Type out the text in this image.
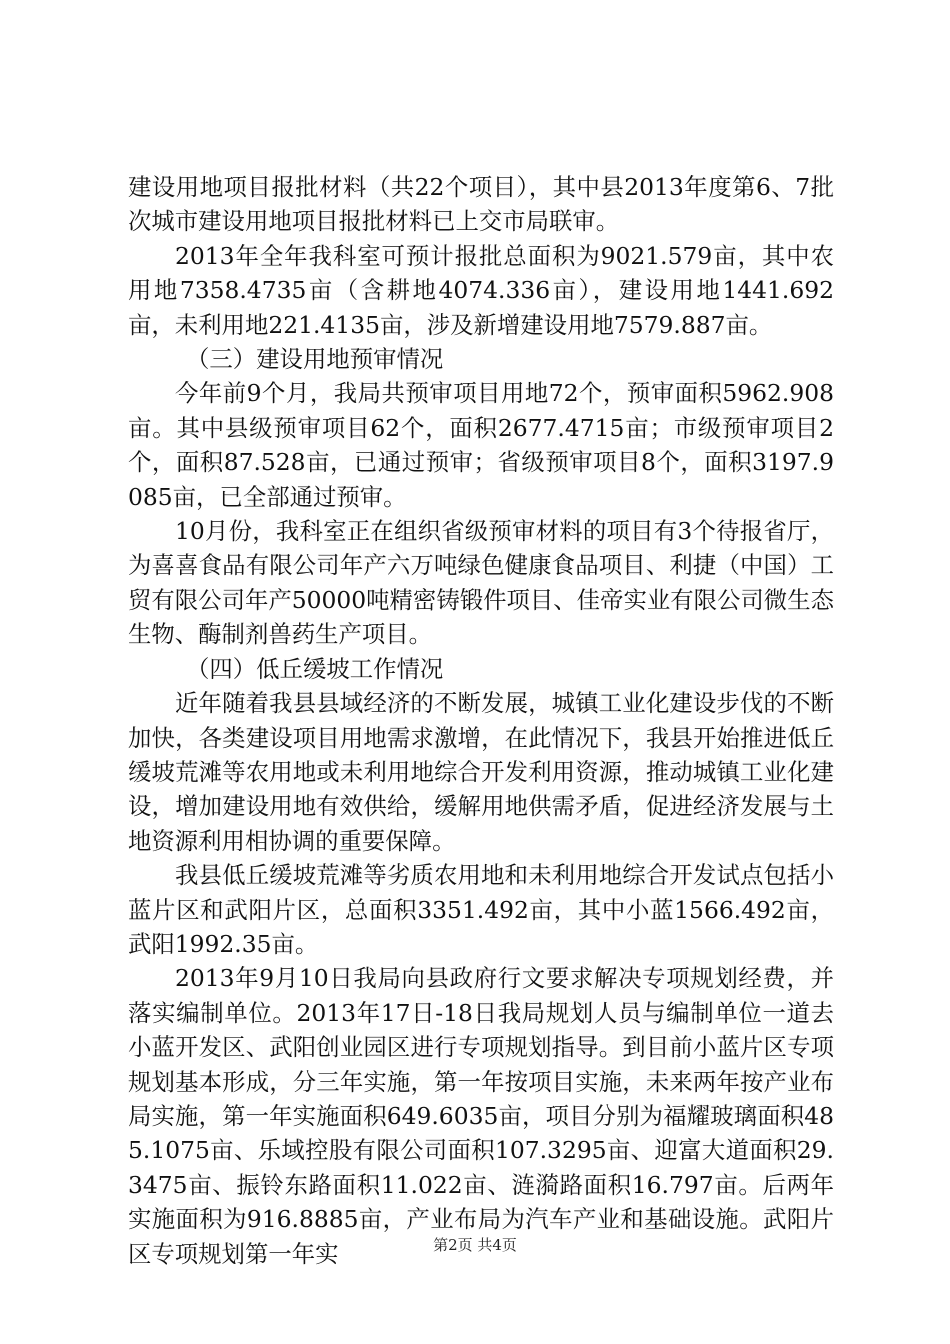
建设用地项目报批材料（共22个项目），其中县2013年度第6、7批次城市建设用地项目报批材料已上交市局联审。

2013年全年我科室可预计报批总面积为9021.579亩，其中农用地7358.4735亩（含耕地4074.336亩），建设用地1441.692亩，未利用地221.4135亩，涉及新增建设用地7579.887亩。

（三）建设用地预审情况

今年前9个月，我局共预审项目用地72个，预审面积5962.908亩。其中县级预审项目62个，面积2677.4715亩；市级预审项目2个，面积87.528亩，已通过预审；省级预审项目8个，面积3197.9085亩，已全部通过预审。

10月份，我科室正在组织省级预审材料的项目有3个待报省厅，为喜喜食品有限公司年产六万吨绿色健康食品项目、利捷（中国）工贸有限公司年产50000吨精密铸锻件项目、佳帝实业有限公司微生态生物、酶制剂兽药生产项目。

（四）低丘缓坡工作情况

近年随着我县县域经济的不断发展，城镇工业化建设步伐的不断加快，各类建设项目用地需求激增，在此情况下，我县开始推进低丘缓坡荒滩等农用地或未利用地综合开发利用资源，推动城镇工业化建设，增加建设用地有效供给，缓解用地供需矛盾，促进经济发展与土地资源利用相协调的重要保障。

我县低丘缓坡荒滩等劣质农用地和未利用地综合开发试点包括小蓝片区和武阳片区，总面积3351.492亩，其中小蓝1566.492亩，武阳1992.35亩。

2013年9月10日我局向县政府行文要求解决专项规划经费，并落实编制单位。2013年17日-18日我局规划人员与编制单位一道去小蓝开发区、武阳创业园区进行专项规划指导。到目前小蓝片区专项规划基本形成，分三年实施，第一年按项目实施，未来两年按产业布局实施，第一年实施面积649.6035亩，项目分别为福耀玻璃面积485.1075亩、乐域控股有限公司面积107.3295亩、迎富大道面积29.3475亩、振铃东路面积11.022亩、涟漪路面积16.797亩。后两年实施面积为916.8885亩，产业布局为汽车产业和基础设施。武阳片区专项规划第一年实	第2页 共4页
